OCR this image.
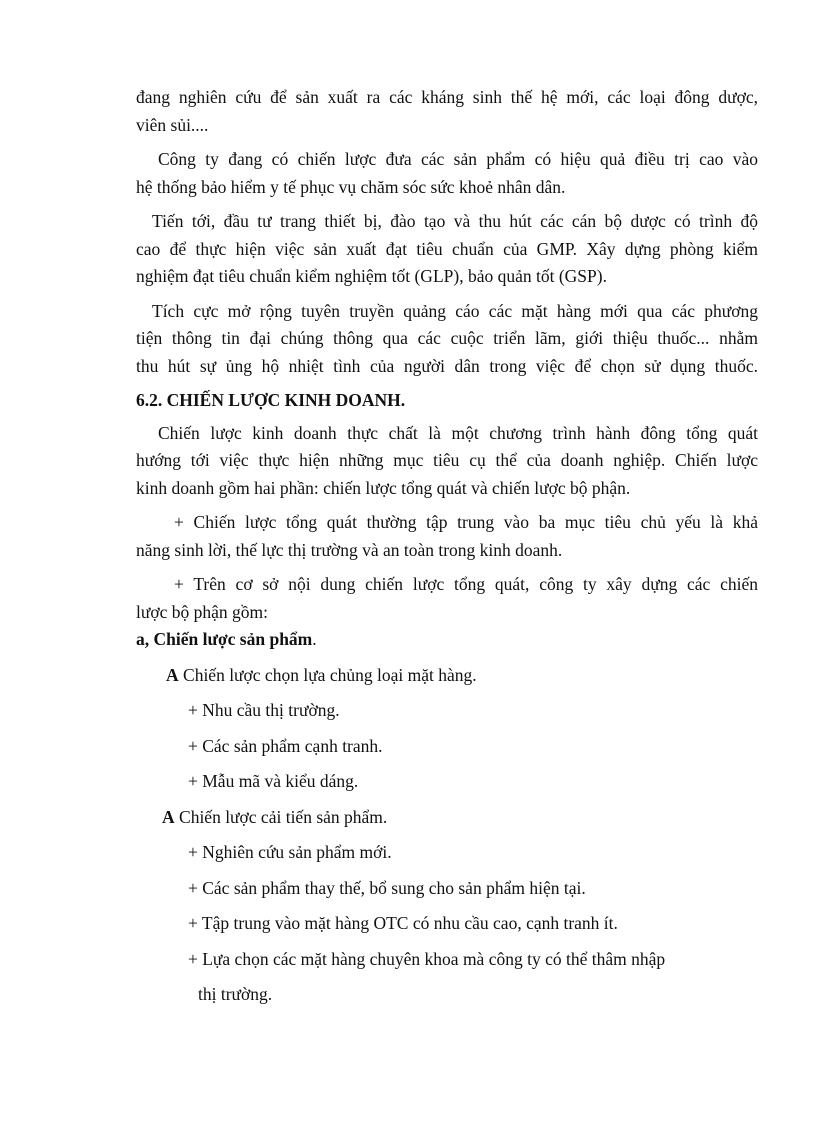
đang nghiên cứu để sản xuất ra các kháng sinh thế hệ mới, các loại đông dược,
viên sủi....
Công ty đang có chiến lược đưa các sản phẩm có hiệu quả điều trị cao vào
hệ thống bảo hiểm y tế phục vụ chăm sóc sức khoẻ nhân dân.
Tiến tới, đầu tư trang thiết bị, đào tạo và thu hút các cán bộ dược có trình độ
cao để thực hiện việc sản xuất đạt tiêu chuẩn của GMP. Xây dựng phòng kiểm
nghiệm đạt tiêu chuẩn kiểm nghiệm tốt (GLP), bảo quản tốt (GSP).
Tích cực mở rộng tuyên truyền quảng cáo các mặt hàng mới qua các phương
tiện thông tin đại chúng thông qua các cuộc triển lãm, giới thiệu thuốc... nhằm
thu hút sự ủng hộ nhiệt tình của người dân trong việc để chọn sử dụng thuốc.
6.2. CHIẾN LƯỢC KINH DOANH.
Chiến lược kinh doanh thực chất là một chương trình hành đông tổng quát
hướng tới việc thực hiện những mục tiêu cụ thể của doanh nghiệp. Chiến lược
kinh doanh gồm hai phần: chiến lược tổng quát và chiến lược bộ phận.
+ Chiến lược tổng quát thường tập trung vào ba mục tiêu chủ yếu là khả
năng sinh lời, thế lực thị trường và an toàn trong kinh doanh.
+ Trên cơ sở nội dung chiến lược tổng quát, công ty xây dựng các chiến
lược bộ phận gồm:
a, Chiến lược sản phẩm.
A Chiến lược chọn lựa chủng loại mặt hàng.
+ Nhu cầu thị trường.
+ Các sản phẩm cạnh tranh.
+ Mẫu mã và kiểu dáng.
A Chiến lược cải tiến sản phẩm.
+ Nghiên cứu sản phẩm mới.
+ Các sản phẩm thay thế, bổ sung cho sản phẩm hiện tại.
+ Tập trung vào mặt hàng OTC có nhu cầu cao, cạnh tranh ít.
+ Lựa chọn các mặt hàng chuyên khoa mà công ty có thể thâm nhập
thị trường.
